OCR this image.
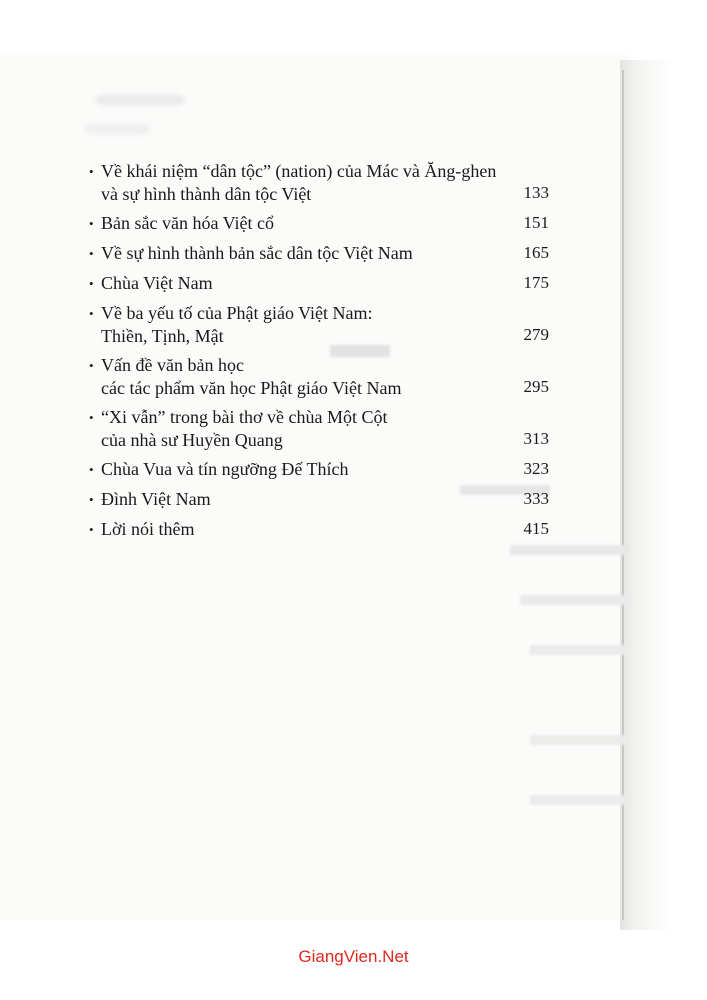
• Về khái niệm “dân tộc” (nation) của Mác và Ăng-ghen
và sự hình thành dân tộc Việt	133
• Bản sắc văn hóa Việt cổ	151
• Về sự hình thành bản sắc dân tộc Việt Nam	165
• Chùa Việt Nam	175
• Về ba yếu tố của Phật giáo Việt Nam:
Thiền, Tịnh, Mật	279
• Vấn đề văn bản học
các tác phẩm văn học Phật giáo Việt Nam	295
• “Xi vẫn” trong bài thơ về chùa Một Cột
của nhà sư Huyền Quang	313
• Chùa Vua và tín ngưỡng Đế Thích	323
• Đình Việt Nam	333
• Lời nói thêm	415
GiangVien.Net
